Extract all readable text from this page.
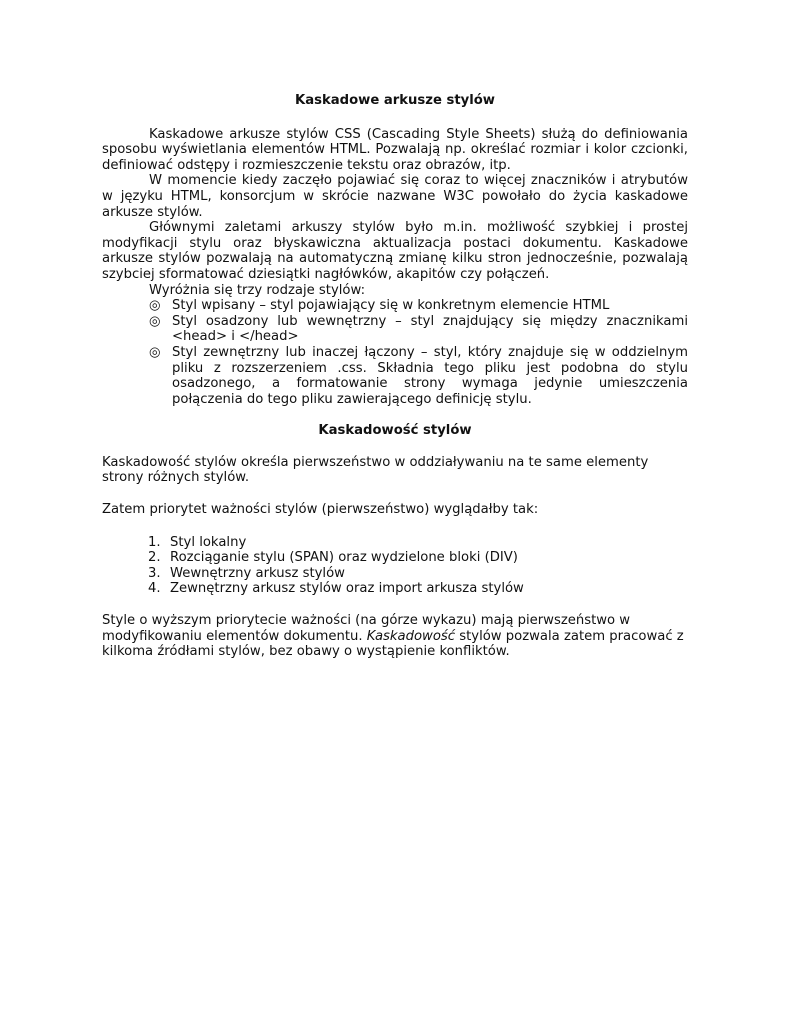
Kaskadowe arkusze stylów

Kaskadowe arkusze stylów CSS (Cascading Style Sheets) służą do definiowania sposobu wyświetlania elementów HTML. Pozwalają np. określać rozmiar i kolor czcionki, definiować odstępy i rozmieszczenie tekstu oraz obrazów, itp.

W momencie kiedy zaczęło pojawiać się coraz to więcej znaczników i atrybutów w języku HTML, konsorcjum w skrócie nazwane W3C powołało do życia kaskadowe arkusze stylów.

Głównymi zaletami arkuszy stylów było m.in. możliwość szybkiej i prostej modyfikacji stylu oraz błyskawiczna aktualizacja postaci dokumentu. Kaskadowe arkusze stylów pozwalają na automatyczną zmianę kilku stron jednocześnie, pozwalają szybciej sformatować dziesiątki nagłówków, akapitów czy połączeń.

Wyróżnia się trzy rodzaje stylów:

◎ Styl wpisany – styl pojawiający się w konkretnym elemencie HTML
◎ Styl osadzony lub wewnętrzny – styl znajdujący się między znacznikami <head> i </head>
◎ Styl zewnętrzny lub inaczej łączony – styl, który znajduje się w oddzielnym pliku z rozszerzeniem .css. Składnia tego pliku jest podobna do stylu osadzonego, a formatowanie strony wymaga jedynie umieszczenia połączenia do tego pliku zawierającego definicję stylu.

Kaskadowość stylów

Kaskadowość stylów określa pierwszeństwo w oddziaływaniu na te same elementy strony różnych stylów.

Zatem priorytet ważności stylów (pierwszeństwo) wyglądałby tak:

1. Styl lokalny
2. Rozciąganie stylu (SPAN) oraz wydzielone bloki (DIV)
3. Wewnętrzny arkusz stylów
4. Zewnętrzny arkusz stylów oraz import arkusza stylów

Style o wyższym priorytecie ważności (na górze wykazu) mają pierwszeństwo w modyfikowaniu elementów dokumentu. Kaskadowość stylów pozwala zatem pracować z kilkoma źródłami stylów, bez obawy o wystąpienie konfliktów.
